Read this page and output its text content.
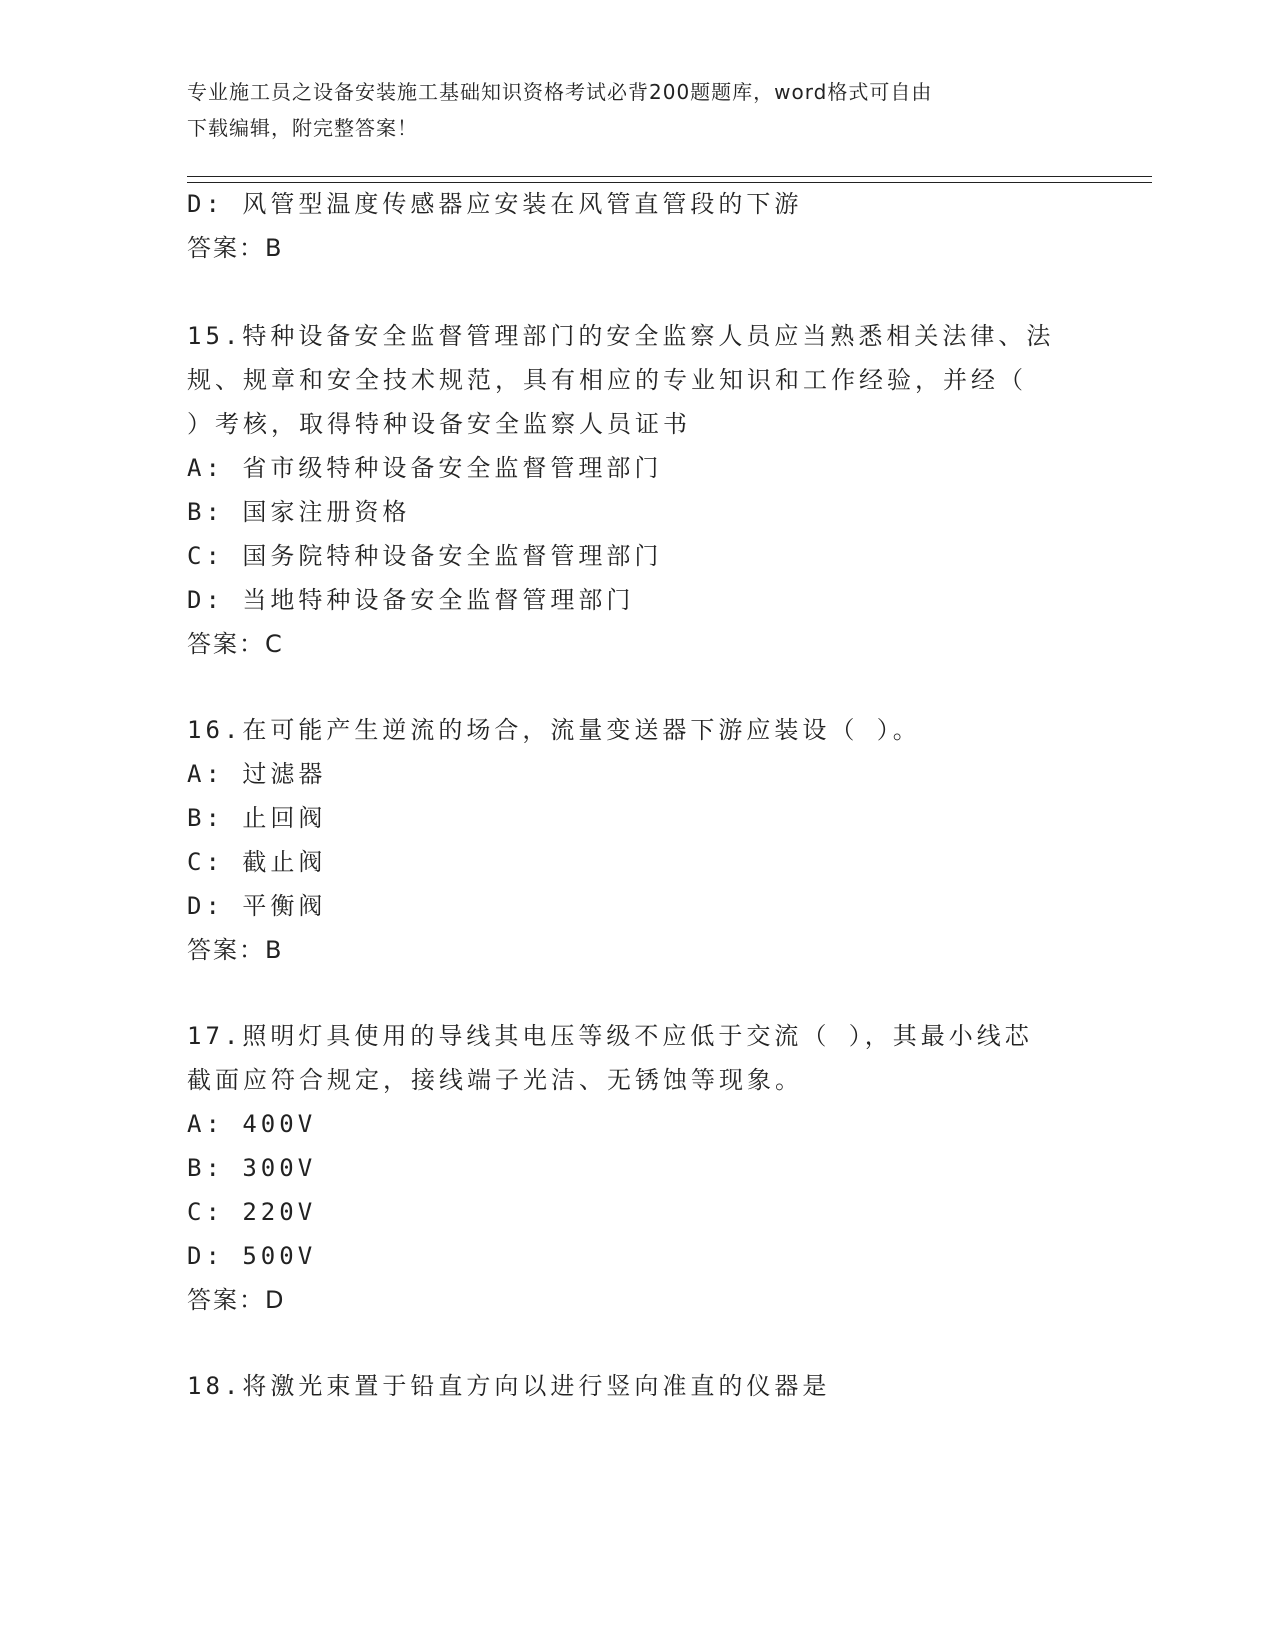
专业施工员之设备安装施工基础知识资格考试必背200题题库，word格式可自由
下载编辑，附完整答案！
D: 风管型温度传感器应安装在风管直管段的下游
答案：B
15.特种设备安全监督管理部门的安全监察人员应当熟悉相关法律、法
规、规章和安全技术规范，具有相应的专业知识和工作经验，并经（
）考核，取得特种设备安全监察人员证书
A: 省市级特种设备安全监督管理部门
B: 国家注册资格
C: 国务院特种设备安全监督管理部门
D: 当地特种设备安全监督管理部门
答案：C
16.在可能产生逆流的场合，流量变送器下游应装设（ ）。
A: 过滤器
B: 止回阀
C: 截止阀
D: 平衡阀
答案：B
17.照明灯具使用的导线其电压等级不应低于交流（ ），其最小线芯
截面应符合规定，接线端子光洁、无锈蚀等现象。
A: 400V
B: 300V
C: 220V
D: 500V
答案：D
18.将激光束置于铅直方向以进行竖向准直的仪器是
